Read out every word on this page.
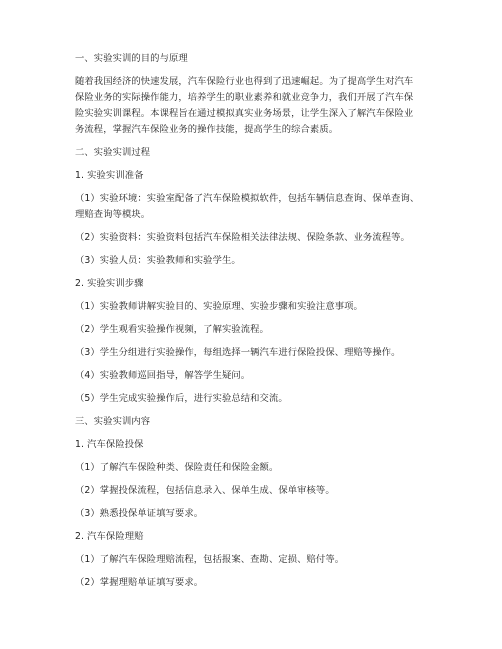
一、实验实训的目的与原理
随着我国经济的快速发展，汽车保险行业也得到了迅速崛起。为了提高学生对汽车
保险业务的实际操作能力，培养学生的职业素养和就业竞争力，我们开展了汽车保
险实验实训课程。本课程旨在通过模拟真实业务场景，让学生深入了解汽车保险业
务流程，掌握汽车保险业务的操作技能，提高学生的综合素质。
二、实验实训过程
1. 实验实训准备
（1）实验环境：实验室配备了汽车保险模拟软件，包括车辆信息查询、保单查询、
理赔查询等模块。
（2）实验资料：实验资料包括汽车保险相关法律法规、保险条款、业务流程等。
（3）实验人员：实验教师和实验学生。
2. 实验实训步骤
（1）实验教师讲解实验目的、实验原理、实验步骤和实验注意事项。
（2）学生观看实验操作视频，了解实验流程。
（3）学生分组进行实验操作，每组选择一辆汽车进行保险投保、理赔等操作。
（4）实验教师巡回指导，解答学生疑问。
（5）学生完成实验操作后，进行实验总结和交流。
三、实验实训内容
1. 汽车保险投保
（1）了解汽车保险种类、保险责任和保险金额。
（2）掌握投保流程，包括信息录入、保单生成、保单审核等。
（3）熟悉投保单证填写要求。
2. 汽车保险理赔
（1）了解汽车保险理赔流程，包括报案、查勘、定损、赔付等。
（2）掌握理赔单证填写要求。
